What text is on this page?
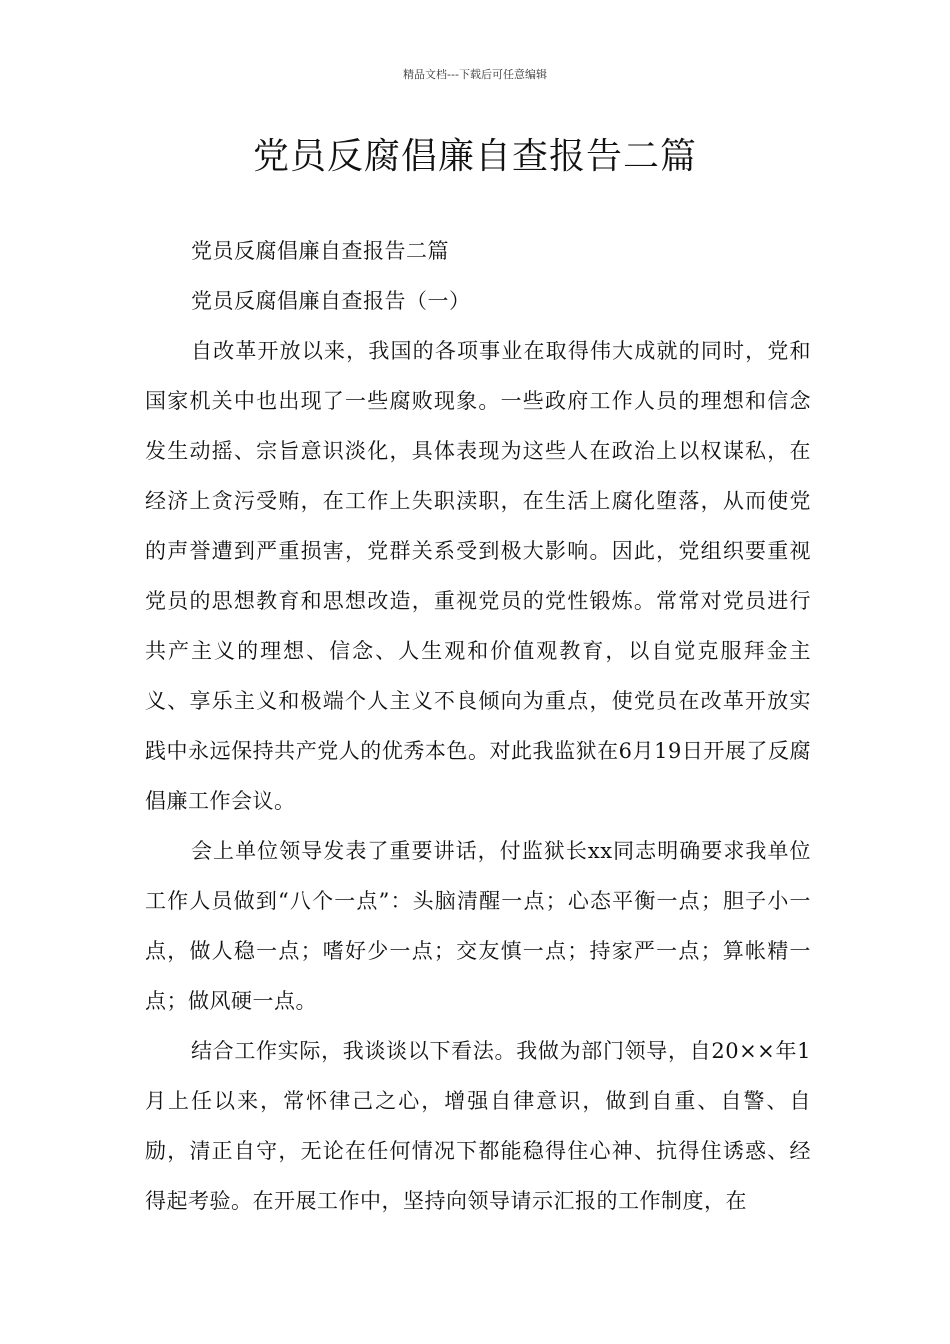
精品文档---下载后可任意编辑
党员反腐倡廉自查报告二篇

党员反腐倡廉自查报告二篇

党员反腐倡廉自查报告（一）

自改革开放以来，我国的各项事业在取得伟大成就的同时，党和国家机关中也出现了一些腐败现象。一些政府工作人员的理想和信念发生动摇、宗旨意识淡化，具体表现为这些人在政治上以权谋私，在经济上贪污受贿，在工作上失职渎职，在生活上腐化堕落，从而使党的声誉遭到严重损害，党群关系受到极大影响。因此，党组织要重视党员的思想教育和思想改造，重视党员的党性锻炼。常常对党员进行共产主义的理想、信念、人生观和价值观教育，以自觉克服拜金主义、享乐主义和极端个人主义不良倾向为重点，使党员在改革开放实践中永远保持共产党人的优秀本色。对此我监狱在6月19日开展了反腐倡廉工作会议。

会上单位领导发表了重要讲话，付监狱长xx同志明确要求我单位工作人员做到“八个一点”：头脑清醒一点；心态平衡一点；胆子小一点，做人稳一点；嗜好少一点；交友慎一点；持家严一点；算帐精一点；做风硬一点。

结合工作实际，我谈谈以下看法。我做为部门领导，自20××年1月上任以来，常怀律己之心，增强自律意识，做到自重、自警、自励，清正自守，无论在任何情况下都能稳得住心神、抗得住诱惑、经得起考验。在开展工作中，坚持向领导请示汇报的工作制度，在
